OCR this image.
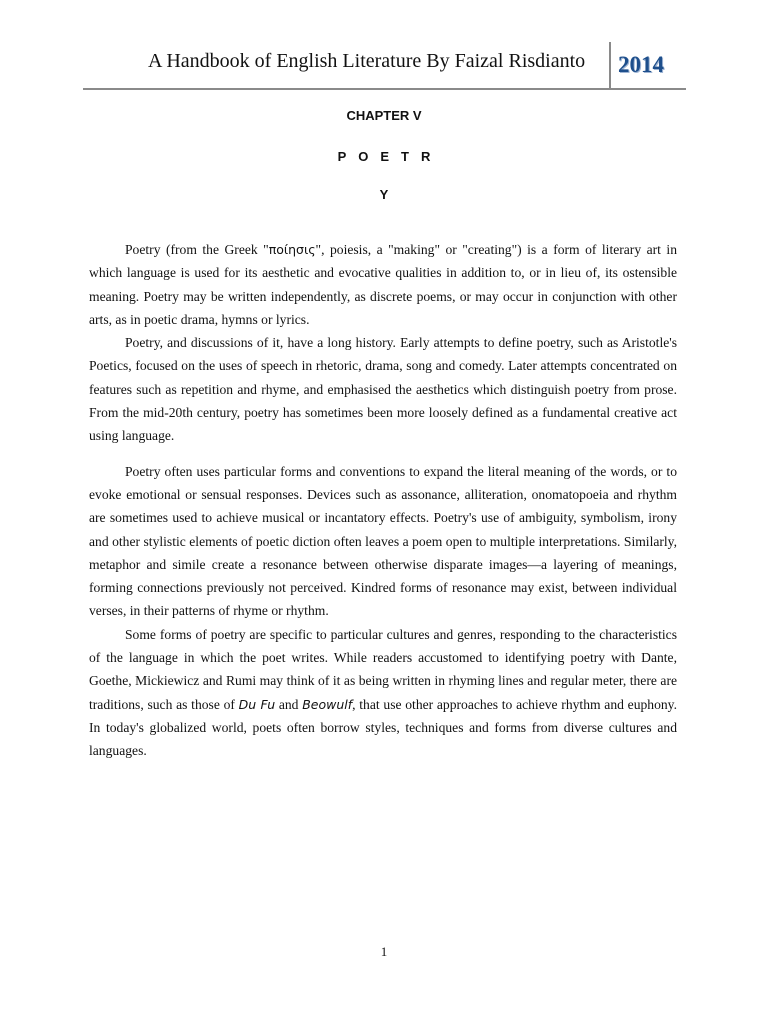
A Handbook of English Literature By Faizal Risdianto 2014
CHAPTER V
POETR
Y

Poetry (from the Greek "ποίησις", poiesis, a "making" or "creating") is a form of literary art in which language is used for its aesthetic and evocative qualities in addition to, or in lieu of, its ostensible meaning. Poetry may be written independently, as discrete poems, or may occur in conjunction with other arts, as in poetic drama, hymns or lyrics.

Poetry, and discussions of it, have a long history. Early attempts to define poetry, such as Aristotle's Poetics, focused on the uses of speech in rhetoric, drama, song and comedy. Later attempts concentrated on features such as repetition and rhyme, and emphasised the aesthetics which distinguish poetry from prose. From the mid-20th century, poetry has sometimes been more loosely defined as a fundamental creative act using language.

Poetry often uses particular forms and conventions to expand the literal meaning of the words, or to evoke emotional or sensual responses. Devices such as assonance, alliteration, onomatopoeia and rhythm are sometimes used to achieve musical or incantatory effects. Poetry's use of ambiguity, symbolism, irony and other stylistic elements of poetic diction often leaves a poem open to multiple interpretations. Similarly, metaphor and simile create a resonance between otherwise disparate images—a layering of meanings, forming connections previously not perceived. Kindred forms of resonance may exist, between individual verses, in their patterns of rhyme or rhythm.

Some forms of poetry are specific to particular cultures and genres, responding to the characteristics of the language in which the poet writes. While readers accustomed to identifying poetry with Dante, Goethe, Mickiewicz and Rumi may think of it as being written in rhyming lines and regular meter, there are traditions, such as those of Du Fu and Beowulf, that use other approaches to achieve rhythm and euphony. In today's globalized world, poets often borrow styles, techniques and forms from diverse cultures and languages.

1
